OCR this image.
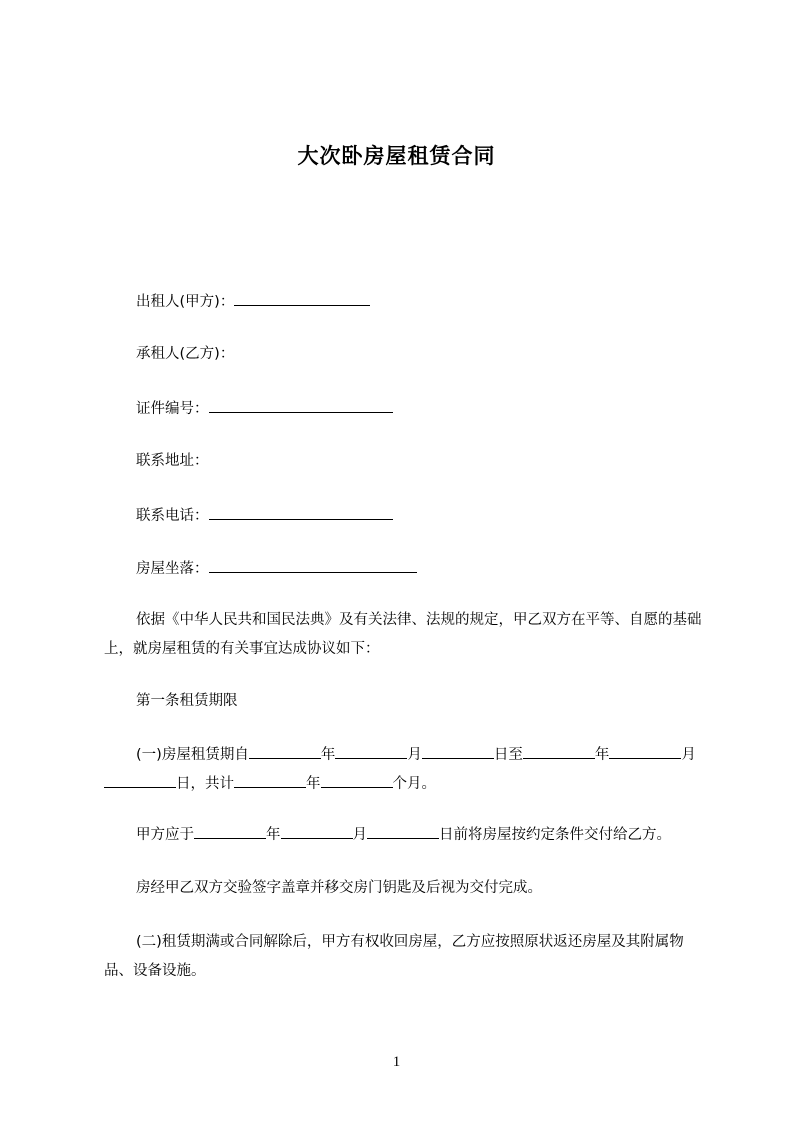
大次卧房屋租赁合同
出租人(甲方)：
承租人(乙方)：
证件编号：
联系地址：
联系电话：
房屋坐落：
依据《中华人民共和国民法典》及有关法律、法规的规定，甲乙双方在平等、自愿的基础上，就房屋租赁的有关事宜达成协议如下：
第一条租赁期限
(一)房屋租赁期自	年	月	日至	年	月日，共计	年	个月。
甲方应于	年	月	日前将房屋按约定条件交付给乙方。
房经甲乙双方交验签字盖章并移交房门钥匙及后视为交付完成。
(二)租赁期满或合同解除后，甲方有权收回房屋，乙方应按照原状返还房屋及其附属物品、设备设施。
1
